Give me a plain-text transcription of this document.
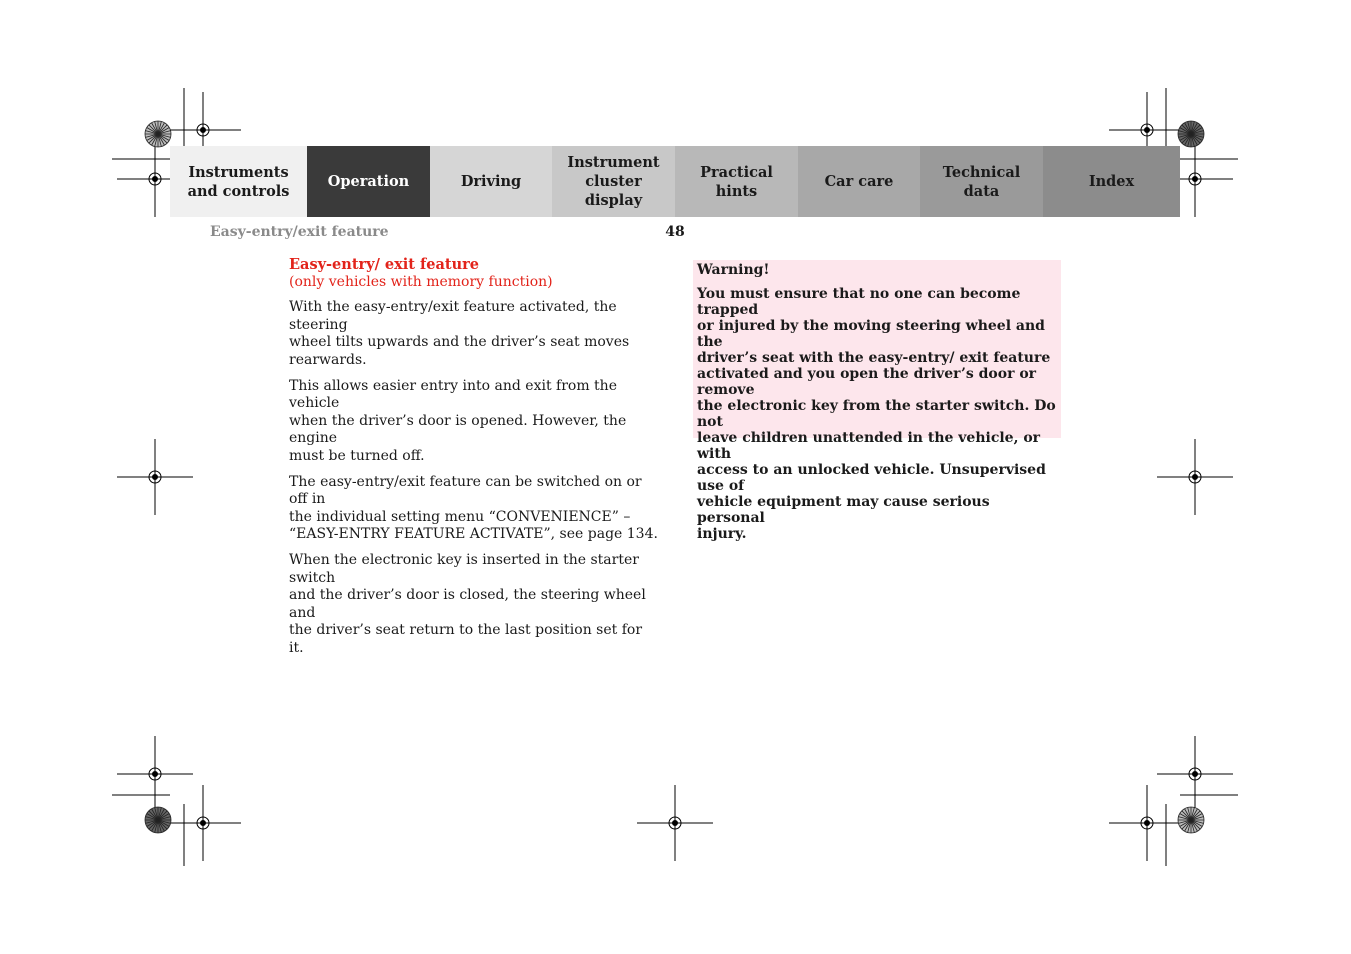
Instruments
and controls
Operation	Driving
Instrument
cluster display
Practical hints
Car care
Technical
data
Index
Easy-entry/exit feature	48
Easy-entry/ exit feature
(only vehicles with memory function)
With the easy-entry/exit feature activated, the steering
wheel tilts upwards and the driver’s seat moves
rearwards.
This allows easier entry into and exit from the vehicle
when the driver’s door is opened. However, the engine
must be turned off.
The easy-entry/exit feature can be switched on or off in
the individual setting menu “CONVENIENCE” –
“EASY-ENTRY FEATURE ACTIVATE”, see page 134.
When the electronic key is inserted in the starter switch
and the driver’s door is closed, the steering wheel and
the driver’s seat return to the last position set for it.
Warning!
You must ensure that no one can become trapped
or injured by the moving steering wheel and the
driver’s seat with the easy-entry/ exit feature
activated and you open the driver’s door or remove
the electronic key from the starter switch. Do not
leave children unattended in the vehicle, or with
access to an unlocked vehicle. Unsupervised use of
vehicle equipment may cause serious personal
injury.
